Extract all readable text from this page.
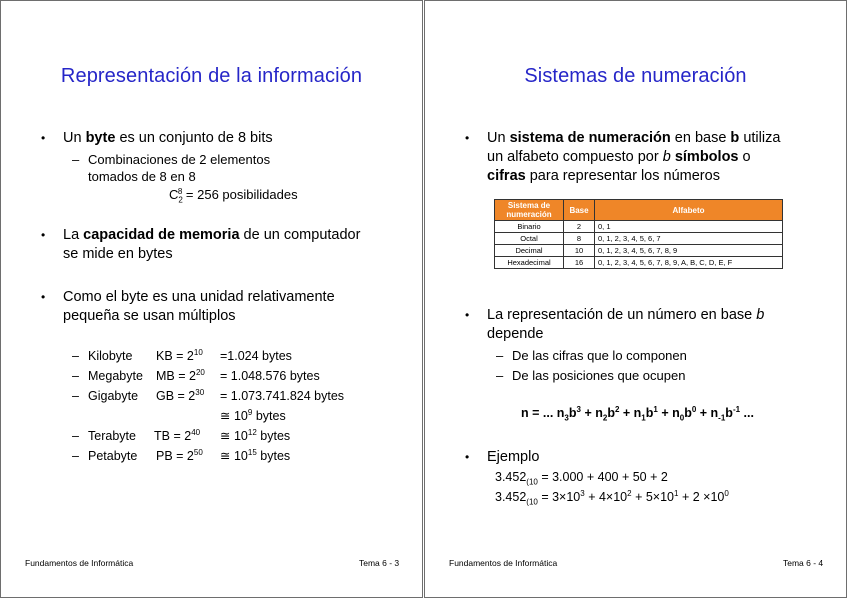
Representación de la información
• Un byte es un conjunto de 8 bits
– Combinaciones de 2 elementos
tomados de 8 en 8
$C_2^8 = 256$ posibilidades
• La capacidad de memoria de un computador
se mide en bytes
• Como el byte es una unidad relativamente
pequeña se usan múltiplos
– Kilobyte KB = $2^{10} =1.024$ bytes
– Megabyte MB = $2^{20} = 1.048.576$ bytes
– Gigabyte GB = $2^{30} = 1.073.741.824$ bytes
≅ $10^9$ bytes
– Terabyte TB = $2^{40}$ ≅ $10^{12}$ bytes
– Petabyte PB = $2^{50}$ ≅ $10^{15}$ bytes
Fundamentos de Informática	Tema 6 - 3
Sistemas de numeración
• Un sistema de numeración en base b utiliza
un alfabeto compuesto por b símbolos o
cifras para representar los números
Sistema de numeración	Base	Alfabeto
Binario	2	0, 1
Octal	8	0, 1, 2, 3, 4, 5, 6, 7
Decimal	10	0, 1, 2, 3, 4, 5, 6, 7, 8, 9
Hexadecimal	16	0, 1, 2, 3, 4, 5, 6, 7, 8, 9, A, B, C, D, E, F
• La representación de un número en base b
depende
– De las cifras que lo componen
– De las posiciones que ocupen
n = ... $n_3b^3 + n_2b^2 + n_1b^1 + n_0b^0 + n_{-1}b^{-1}$ ...
• Ejemplo
$3.452_{(10} = 3.000 + 400 + 50 + 2$
$3.452_{(10} = 3\times 10^3 + 4\times 10^2 + 5\times 10^1 + 2 \times 10^0$
Fundamentos de Informática	Tema 6 - 4
